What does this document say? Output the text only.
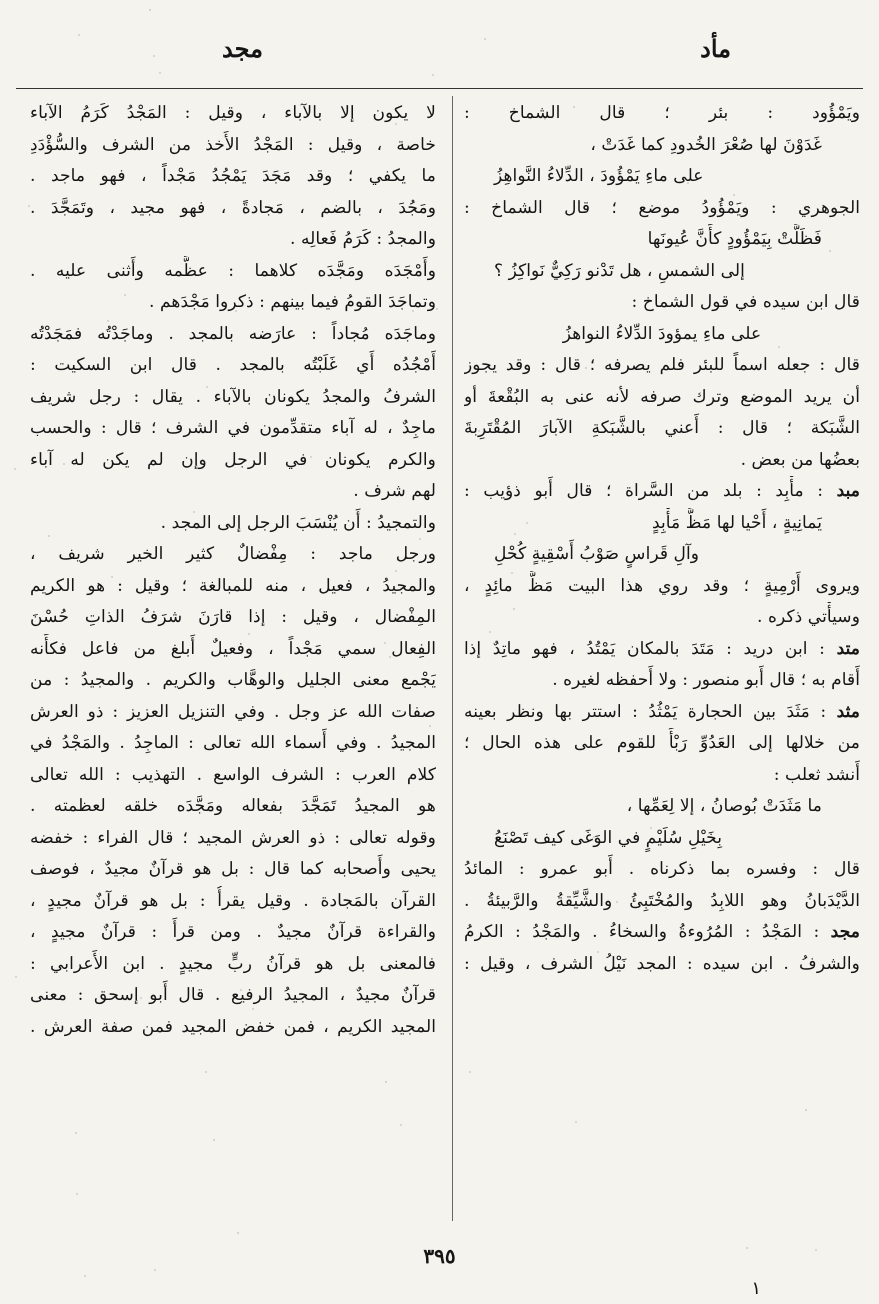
مأد
مجد
ويَمْؤُود : بئر ؛ قال الشماخ :
غَدَوْنَ لها صُعْرَ الخُدودِ كما غَدَتْ ،
على ماءِ يَمْؤُودَ ، الدِّلاءُ النَّواهِزُ
الجوهري : ويَمْؤُودُ موضع ؛ قال الشماخ :
فَظَلَّتْ بِيَمْؤُودٍ كأَنَّ عُيونَها
إلى الشمسِ ، هل تَدْنو رَكِيٌّ نَواكِزُ ؟
قال ابن سيده في قول الشماخ :
على ماءِ يمؤودَ الدِّلاءُ النواهزُ
قال : جعله اسماً للبئر فلم يصرفه ؛ قال : وقد يجوز
أن يريد الموضع وترك صرفه لأنه عنى به البُقْعةَ أو
الشَّبَكة ؛ قال : أَعني بالشَّبَكةِ الآبارَ المُقْتَرِبةَ
بعضُها من بعض .
مبد : مأْبِد : بلد من السَّراة ؛ قال أَبو ذؤيب :
يَمانِيةٍ ، أَحْيا لها مَظَّ مَأْبِدٍ
وآلِ قَراسٍ صَوْبُ أَسْقِيةٍ كُحْلِ
ويروى أَرْمِيةٍ ؛ وقد روي هذا البيت مَظَّ مائِدٍ ،
وسيأْتي ذكره .
متد : ابن دريد : مَتَدَ بالمكان يَمْتُدُ ، فهو ماتِدٌ إذا
أَقام به ؛ قال أَبو منصور : ولا أَحفظه لغيره .
مثد : مَثَدَ بين الحجارة يَمْثُدُ : استتر بها ونظر بعينه
من خلالها إلى العَدُوِّ رَبْأً للقوم على هذه الحال ؛
أَنشد ثعلب :
ما مَثَدَتْ بُوصانُ ، إلا لِعَمِّها ،
بِخَيْلِ سُلَيْمٍ في الوَغَى كيف تَصْنَعُ
قال : وفسره بما ذكرناه . أَبو عمرو : المائدُ
الدَّيْدَبانُ وهو اللابِدُ والمُخْتَبِئُ والشَّيِّقةُ والرَّبيئةُ .
مجد : المَجْدُ : المُرُوءةُ والسخاءُ . والمَجْدُ : الكرمُ
والشرفُ . ابن سيده : المجد نَيْلُ الشرف ، وقيل :
لا يكون إلا بالآباء ، وقيل : المَجْدُ كَرَمُ الآباء
خاصة ، وقيل : المَجْدُ الأَخذ من الشرف والسُّؤْدَدِ
ما يكفي ؛ وقد مَجَدَ يَمْجُدُ مَجْداً ، فهو ماجد .
ومَجُدَ ، بالضم ، مَجادةً ، فهو مجيد ، وتَمَجَّدَ .
والمجدُ : كَرَمُ فَعالِه .
وأَمْجَدَه ومَجَّدَه كلاهما : عظَّمه وأَثنى عليه .
وتماجَدَ القومُ فيما بينهم : ذكروا مَجْدَهم .
وماجَدَه مُجاداً : عارَضه بالمجد . وماجَدْتُه فمَجَدْتُه
أَمْجُدُه أَي غَلَبْتُه بالمجد . قال ابن السكيت :
الشرفُ والمجدُ يكونان بالآباء . يقال : رجل شريف
ماجِدٌ ، له آباء متقدِّمون في الشرف ؛ قال : والحسب
والكرم يكونان في الرجل وإن لم يكن له آباء
لهم شرف .
والتمجيدُ : أَن يُنْسَبَ الرجل إلى المجد .
ورجل ماجد : مِفْضالٌ كثير الخير شريف ،
والمجيدُ ، فعيل ، منه للمبالغة ؛ وقيل : هو الكريم
المِفْضال ، وقيل : إذا قارَنَ شرَفُ الذاتِ حُسْنَ
الفِعال سمي مَجْداً ، وفعيلٌ أَبلغ من فاعل فكأَنه
يَجْمع معنى الجليل والوهَّاب والكريم . والمجيدُ : من
صفات الله عز وجل . وفي التنزيل العزيز : ذو العرش
المجيدُ . وفي أَسماء الله تعالى : الماجِدُ . والمَجْدُ في
كلام العرب : الشرف الواسع . التهذيب : الله تعالى
هو المجيدُ تَمَجَّدَ بفعاله ومَجَّدَه خلقه لعظمته .
وقوله تعالى : ذو العرش المجيد ؛ قال الفراء : خفضه
يحيى وأَصحابه كما قال : بل هو قرآنٌ مجيدٌ ، فوصف
القرآن بالمَجادة . وقيل يقرأُ : بل هو قرآنٌ مجيدٍ ،
والقراءة قرآنٌ مجيدٌ . ومن قرأَ : قرآنٌ مجيدٍ ،
فالمعنى بل هو قرآنُ ربٍّ مجيدٍ . ابن الأَعرابي :
قرآنٌ مجيدٌ ، المجيدُ الرفيع . قال أَبو إسحق : معنى
المجيد الكريم ، فمن خفض المجيد فمن صفة العرش .
٣٩٥
١
